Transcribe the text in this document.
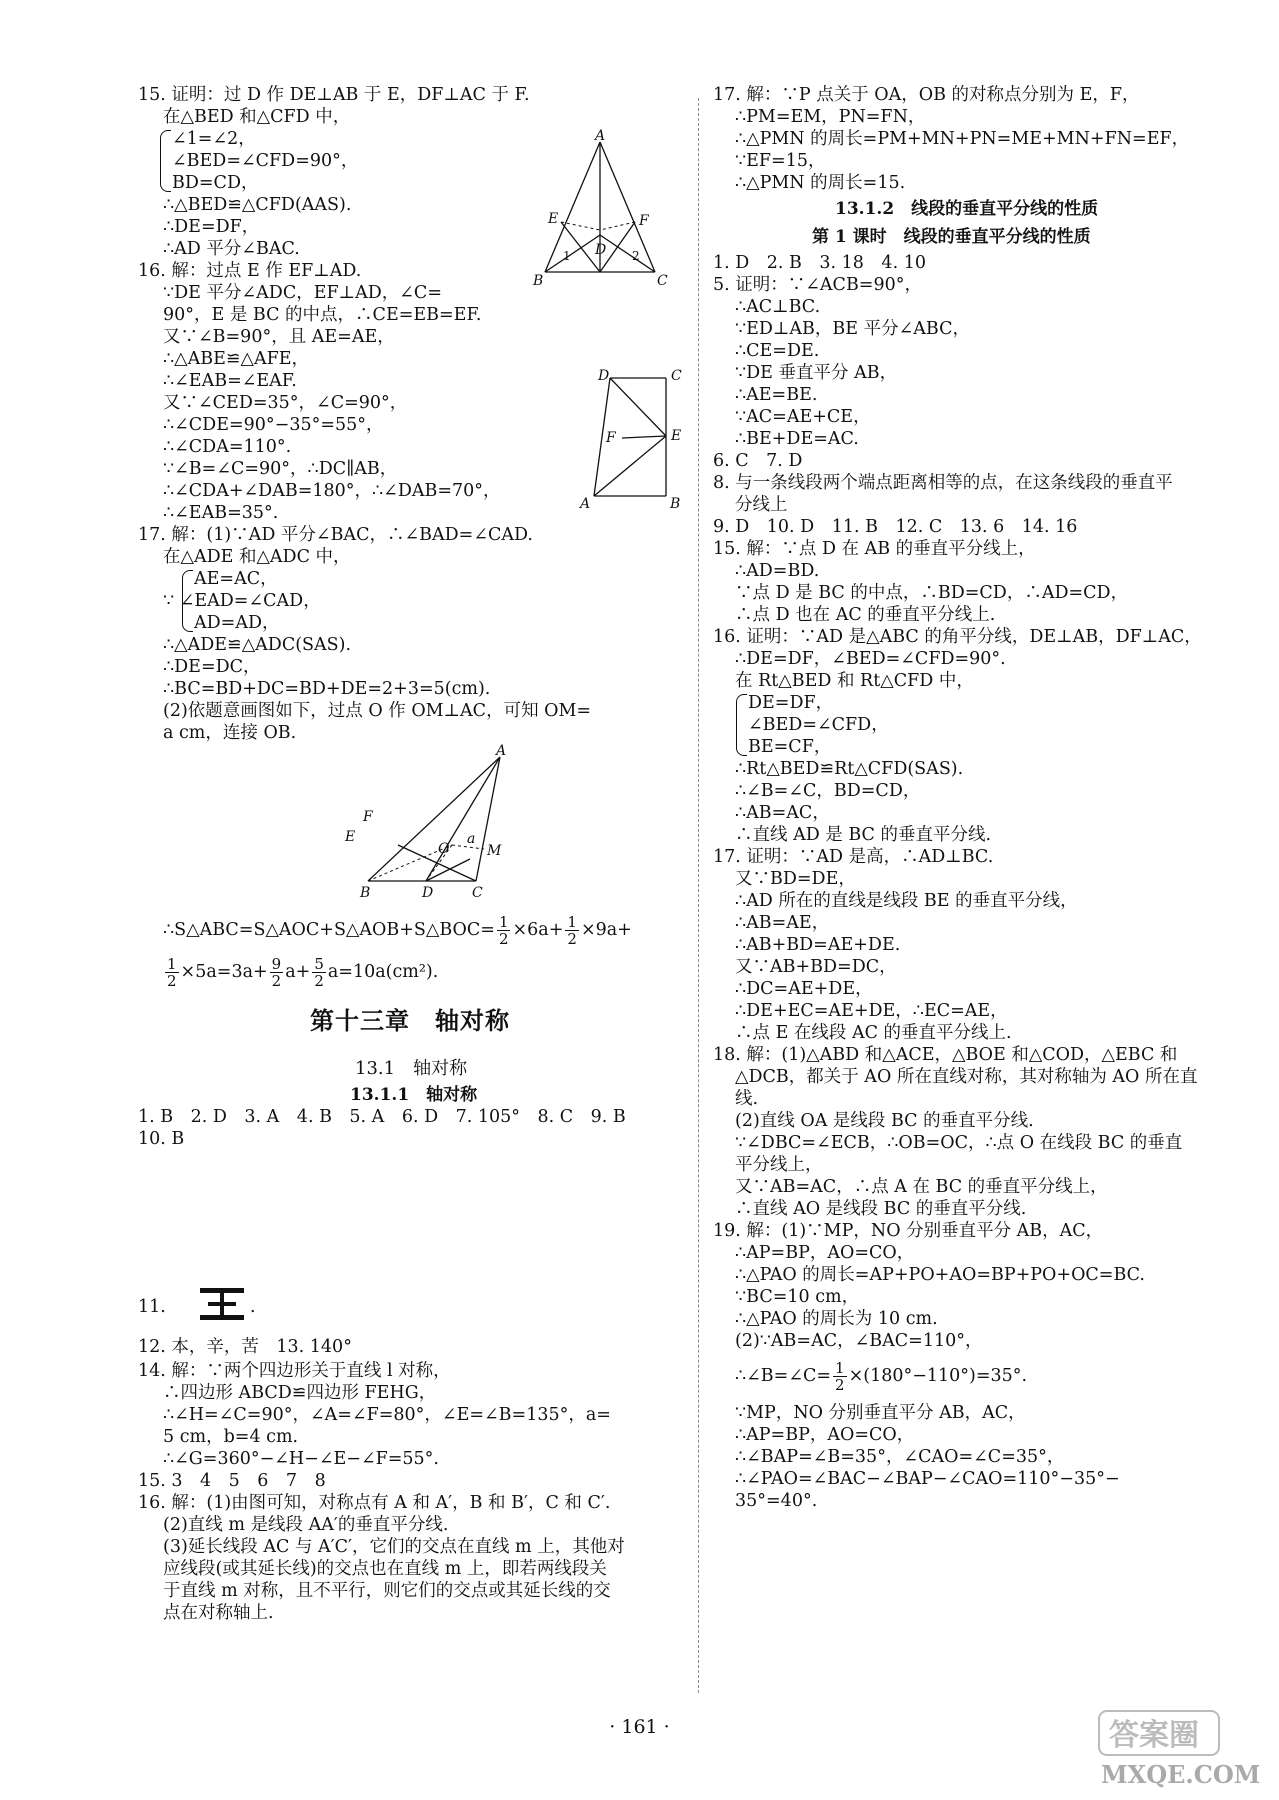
15. 证明：过 D 作 DE⊥AB 于 E，DF⊥AC 于 F.
在△BED 和△CFD 中，
∠1=∠2，
∠BED=∠CFD=90°，
BD=CD，
∴△BED≌△CFD(AAS).
∴DE=DF，
∴AD 平分∠BAC.
16. 解：过点 E 作 EF⊥AD.
∵DE 平分∠ADC，EF⊥AD，∠C=
90°，E 是 BC 的中点，∴CE=EB=EF.
又∵∠B=90°，且 AE=AE，
∴△ABE≌△AFE，
∴∠EAB=∠EAF.
又∵∠CED=35°，∠C=90°，
∴∠CDE=90°−35°=55°，
∴∠CDA=110°.
∵∠B=∠C=90°，∴DC∥AB，
∴∠CDA+∠DAB=180°，∴∠DAB=70°，
∴∠EAB=35°.
17. 解：(1)∵AD 平分∠BAC，∴∠BAD=∠CAD.
在△ADE 和△ADC 中，
AE=AC，
∵ ∠EAD=∠CAD，
AD=AD，
∴△ADE≌△ADC(SAS).
∴DE=DC，
∴BC=BD+DC=BD+DE=2+3=5(cm).
(2)依题意画图如下，过点 O 作 OM⊥AC，可知 OM=
a cm，连接 OB.
∴S△ABC=S△AOC+S△AOB+S△BOC= $\frac{1}{2} \times 6a+ \frac{1}{2} \times 9a+$
$\frac{1}{2} \times 5a=3a+ \frac{9}{2} a+ \frac{5}{2} a=10a(cm^2)$.
第十三章　轴对称
13.1　轴对称
13.1.1　轴对称
1. B　2. D　3. A　4. B　5. A　6. D　7. 105°　8. C　9. B
10. B
11.	.
12. 本，辛，苦　13. 140°
14. 解：∵两个四边形关于直线 l 对称，
∴四边形 ABCD≌四边形 FEHG，
∴∠H=∠C=90°，∠A=∠F=80°，∠E=∠B=135°，a=
5 cm，b=4 cm.
∴∠G=360°−∠H−∠E−∠F=55°.
15. 3　4　5　6　7　8
16. 解：(1)由图可知，对称点有 A 和 A′，B 和 B′，C 和 C′.
(2)直线 m 是线段 AA′的垂直平分线.
(3)延长线段 AC 与 A′C′，它们的交点在直线 m 上，其他对
应线段(或其延长线)的交点也在直线 m 上，即若两线段关
于直线 m 对称，且不平行，则它们的交点或其延长线的交
点在对称轴上.
A
B	C
D
E	F
1	2
D	C
F	E
A	B
A
B	D	C
F
E
O	M
a
17. 解：∵P 点关于 OA，OB 的对称点分别为 E，F，
∴PM=EM，PN=FN，
∴△PMN 的周长=PM+MN+PN=ME+MN+FN=EF，
∵EF=15，
∴△PMN 的周长=15.
13.1.2　线段的垂直平分线的性质
第 1 课时　线段的垂直平分线的性质
1. D　2. B　3. 18　4. 10
5. 证明：∵∠ACB=90°，
∴AC⊥BC.
∵ED⊥AB，BE 平分∠ABC，
∴CE=DE.
∵DE 垂直平分 AB，
∴AE=BE.
∵AC=AE+CE，
∴BE+DE=AC.
6. C　7. D
8. 与一条线段两个端点距离相等的点，在这条线段的垂直平
分线上
9. D　10. D　11. B　12. C　13. 6　14. 16
15. 解：∵点 D 在 AB 的垂直平分线上，
∴AD=BD.
∵点 D 是 BC 的中点，∴BD=CD，∴AD=CD，
∴点 D 也在 AC 的垂直平分线上.
16. 证明：∵AD 是△ABC 的角平分线，DE⊥AB，DF⊥AC，
∴DE=DF，∠BED=∠CFD=90°.
在 Rt△BED 和 Rt△CFD 中，
DE=DF，
∠BED=∠CFD，
BE=CF，
∴Rt△BED≌Rt△CFD(SAS).
∴∠B=∠C，BD=CD，
∴AB=AC，
∴直线 AD 是 BC 的垂直平分线.
17. 证明：∵AD 是高，∴AD⊥BC.
又∵BD=DE，
∴AD 所在的直线是线段 BE 的垂直平分线，
∴AB=AE，
∴AB+BD=AE+DE.
又∵AB+BD=DC，
∴DC=AE+DE，
∴DE+EC=AE+DE，∴EC=AE，
∴点 E 在线段 AC 的垂直平分线上.
18. 解：(1)△ABD 和△ACE，△BOE 和△COD，△EBC 和
△DCB，都关于 AO 所在直线对称，其对称轴为 AO 所在直
线.
(2)直线 OA 是线段 BC 的垂直平分线.
∵∠DBC=∠ECB，∴OB=OC，∴点 O 在线段 BC 的垂直
平分线上，
又∵AB=AC，∴点 A 在 BC 的垂直平分线上，
∴直线 AO 是线段 BC 的垂直平分线.
19. 解：(1)∵MP，NO 分别垂直平分 AB，AC，
∴AP=BP，AO=CO，
∴△PAO 的周长=AP+PO+AO=BP+PO+OC=BC.
∵BC=10 cm，
∴△PAO 的周长为 10 cm.
(2)∵AB=AC，∠BAC=110°，
∴∠B=∠C= $\frac{1}{2} \times(180^\circ-110^\circ)=35^\circ$.
∵MP，NO 分别垂直平分 AB，AC，
∴AP=BP，AO=CO，
∴∠BAP=∠B=35°，∠CAO=∠C=35°，
∴∠PAO=∠BAC−∠BAP−∠CAO=110°−35°−
35°=40°.
· 161 ·	答案圈
MXQE.COM
